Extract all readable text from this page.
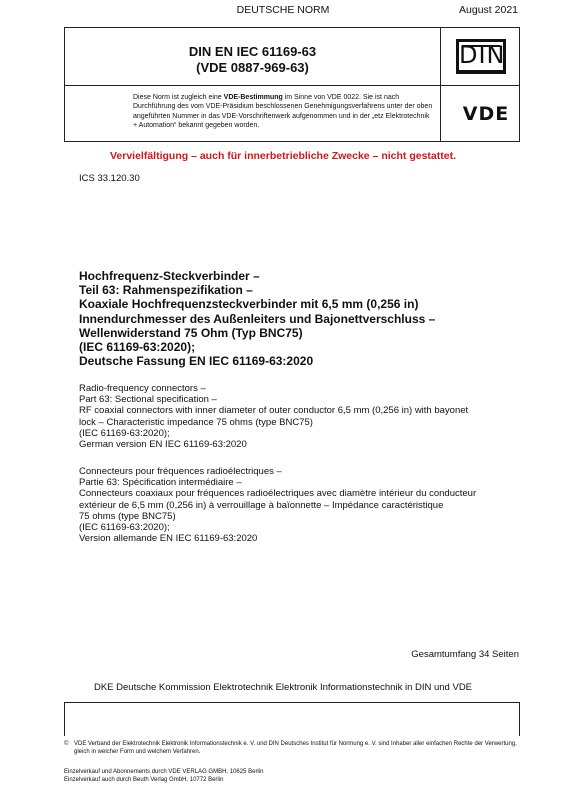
DEUTSCHE NORM	August 2021
DIN EN IEC 61169-63
(VDE 0887-969-63)	DIN
Diese Norm ist zugleich eine VDE-Bestimmung im Sinne von VDE 0022. Sie ist nach Durchführung des vom VDE-Präsidium beschlossenen Genehmigungsverfahrens unter der oben angeführten Nummer in das VDE-Vorschriftenwerk aufgenommen und in der „etz Elektrotechnik + Automation“ bekannt gegeben worden.
VDE
Vervielfältigung – auch für innerbetriebliche Zwecke – nicht gestattet.
ICS 33.120.30
Hochfrequenz-Steckverbinder –
Teil 63: Rahmenspezifikation –
Koaxiale Hochfrequenzsteckverbinder mit 6,5 mm (0,256 in)
Innendurchmesser des Außenleiters und Bajonettverschluss –
Wellenwiderstand 75 Ohm (Typ BNC75)
(IEC 61169-63:2020);
Deutsche Fassung EN IEC 61169-63:2020
Radio-frequency connectors –
Part 63: Sectional specification –
RF coaxial connectors with inner diameter of outer conductor 6,5 mm (0,256 in) with bayonet
lock – Characteristic impedance 75 ohms (type BNC75)
(IEC 61169-63:2020);
German version EN IEC 61169-63:2020
Connecteurs pour fréquences radioélectriques –
Partie 63: Spécification intermédiaire –
Connecteurs coaxiaux pour fréquences radioélectriques avec diamètre intérieur du conducteur
extérieur de 6,5 mm (0,256 in) à verrouillage à baïonnette – Impédance caractéristique
75 ohms (type BNC75)
(IEC 61169-63:2020);
Version allemande EN IEC 61169-63:2020
Gesamtumfang 34 Seiten
DKE Deutsche Kommission Elektrotechnik Elektronik Informationstechnik in DIN und VDE
© VDE Verband der Elektrotechnik Elektronik Informationstechnik e. V. und DIN Deutsches Institut für Normung e. V. sind Inhaber aller einfachen Rechte der Verwertung, gleich in welcher Form und welchem Verfahren.
Einzelverkauf und Abonnements durch VDE VERLAG GMBH, 10625 Berlin
Einzelverkauf auch durch Beuth Verlag GmbH, 10772 Berlin
